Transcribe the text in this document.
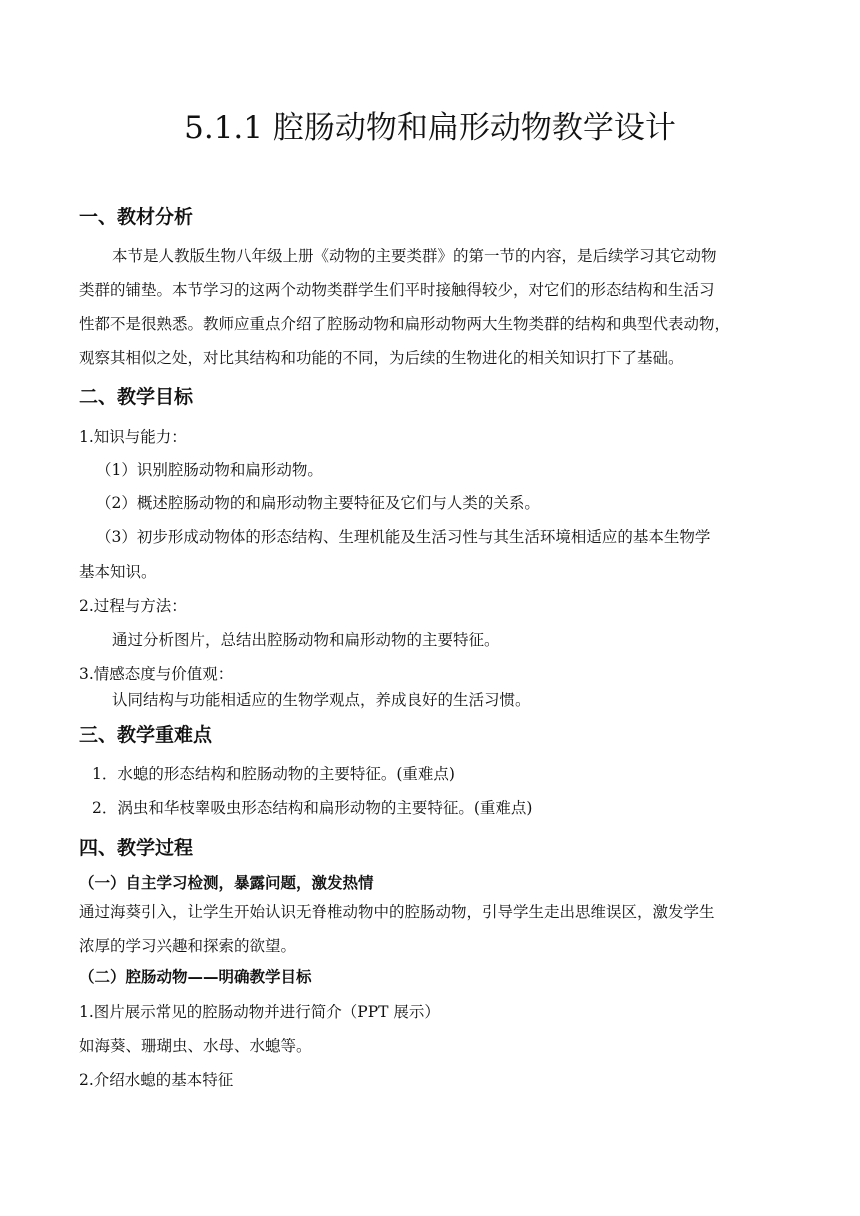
5.1.1 腔肠动物和扁形动物教学设计
一、教材分析
本节是人教版生物八年级上册《动物的主要类群》的第一节的内容，是后续学习其它动物
类群的铺垫。本节学习的这两个动物类群学生们平时接触得较少，对它们的形态结构和生活习
性都不是很熟悉。教师应重点介绍了腔肠动物和扁形动物两大生物类群的结构和典型代表动物，
观察其相似之处，对比其结构和功能的不同，为后续的生物进化的相关知识打下了基础。
二、教学目标
1.知识与能力：
（1）识别腔肠动物和扁形动物。
（2）概述腔肠动物的和扁形动物主要特征及它们与人类的关系。
（3）初步形成动物体的形态结构、生理机能及生活习性与其生活环境相适应的基本生物学
基本知识。
2.过程与方法：
通过分析图片，总结出腔肠动物和扁形动物的主要特征。
3.情感态度与价值观：
认同结构与功能相适应的生物学观点，养成良好的生活习惯。
三、教学重难点
1．水螅的形态结构和腔肠动物的主要特征。(重难点)
2．涡虫和华枝睾吸虫形态结构和扁形动物的主要特征。(重难点)
四、教学过程
（一）自主学习检测，暴露问题，激发热情
通过海葵引入，让学生开始认识无脊椎动物中的腔肠动物，引导学生走出思维误区，激发学生
浓厚的学习兴趣和探索的欲望。
（二）腔肠动物——明确教学目标
1.图片展示常见的腔肠动物并进行简介（PPT 展示）
如海葵、珊瑚虫、水母、水螅等。
2.介绍水螅的基本特征
